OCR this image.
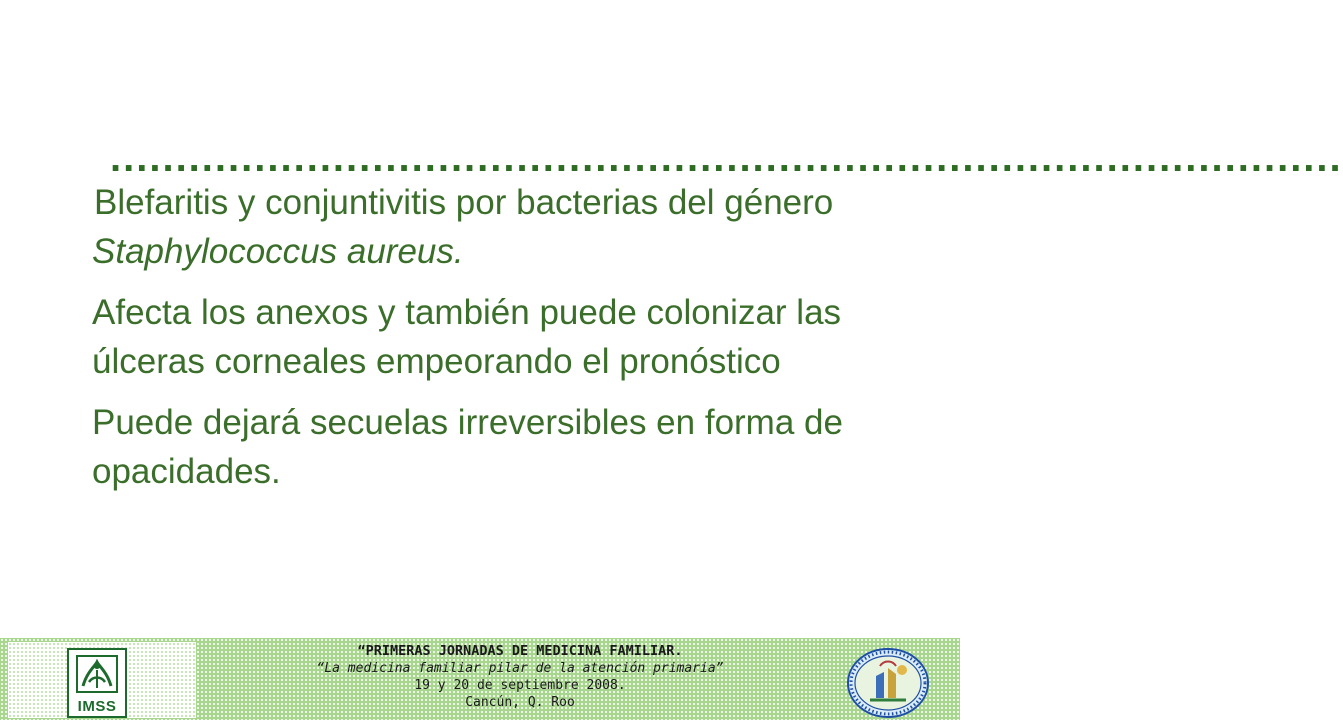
..............................................................................................

Blefaritis y conjuntivitis por bacterias del género Staphylococcus aureus.

Afecta los anexos y también puede colonizar las úlceras corneales empeorando el pronóstico

Puede dejará secuelas irreversibles en forma de opacidades.

IMSS
“PRIMERAS JORNADAS DE MEDICINA FAMILIAR.
“La medicina familiar pilar de la atención primaria”
19 y 20 de septiembre 2008.
Cancún, Q. Roo
